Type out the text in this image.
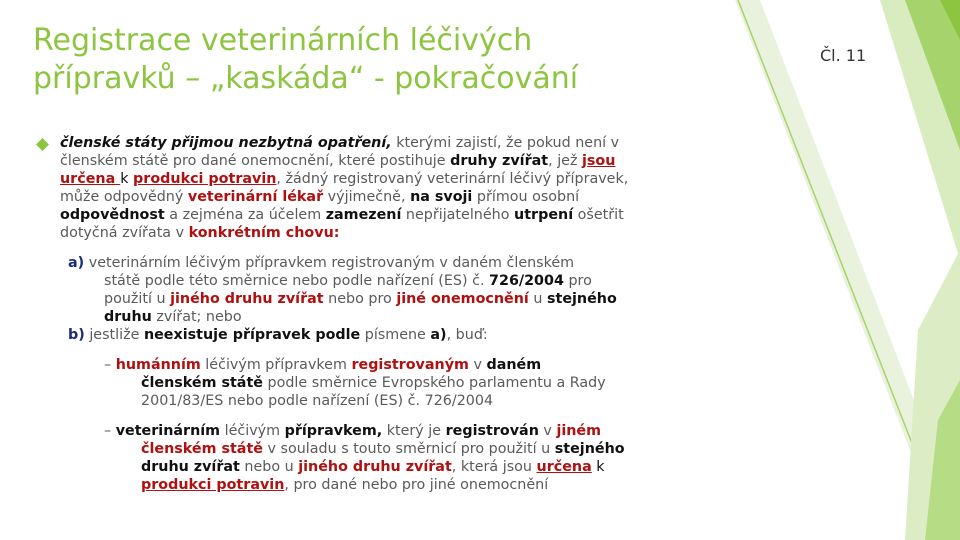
Registrace veterinárních léčivých
přípravků – „kaskáda“ - pokračování
Čl. 11
členské státy přijmou nezbytná opatření, kterými zajistí, že pokud není v
členském státě pro dané onemocnění, které postihuje druhy zvířat, jež jsou
určena k produkci potravin, žádný registrovaný veterinární léčivý přípravek,
může odpovědný veterinární lékař výjimečně, na svoji přímou osobní
odpovědnost a zejména za účelem zamezení nepřijatelného utrpení ošetřit
dotyčná zvířata v konkrétním chovu:
a) veterinárním léčivým přípravkem registrovaným v daném členském
státě podle této směrnice nebo podle nařízení (ES) č. 726/2004 pro
použití u jiného druhu zvířat nebo pro jiné onemocnění u stejného
druhu zvířat; nebo
b) jestliže neexistuje přípravek podle písmene a), buď:
– humánním léčivým přípravkem registrovaným v daném
členském státě podle směrnice Evropského parlamentu a Rady
2001/83/ES nebo podle nařízení (ES) č. 726/2004
– veterinárním léčivým přípravkem, který je registrován v jiném
členském státě v souladu s touto směrnicí pro použití u stejného
druhu zvířat nebo u jiného druhu zvířat, která jsou určena k
produkci potravin, pro dané nebo pro jiné onemocnění
